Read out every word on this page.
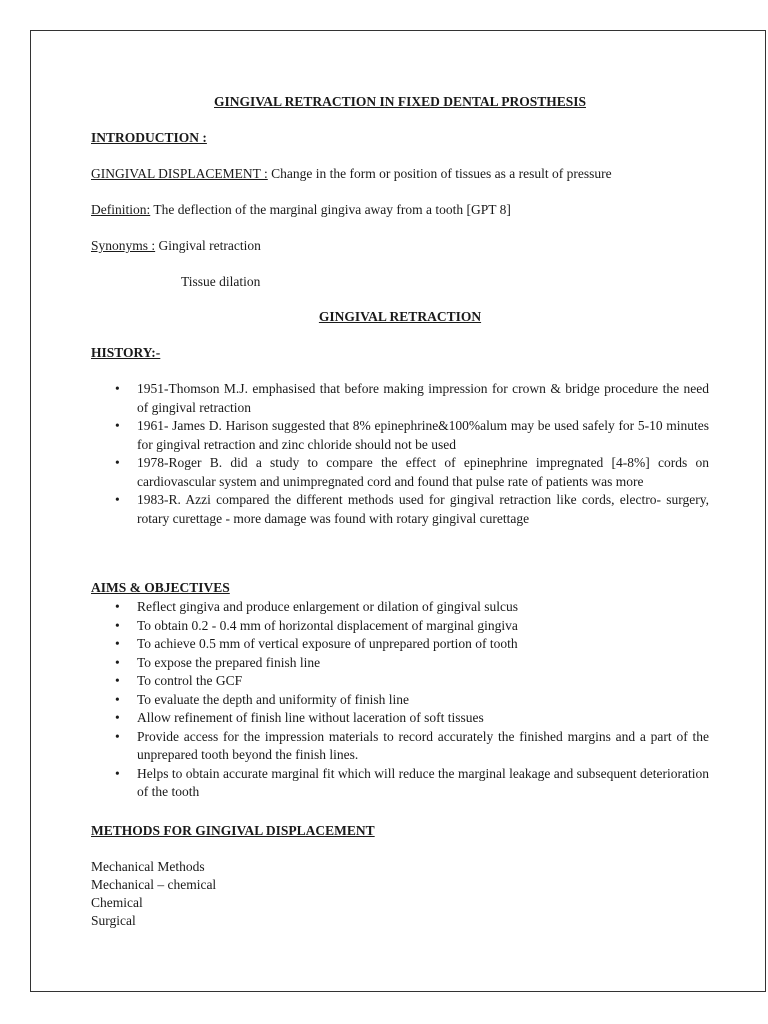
GINGIVAL RETRACTION IN FIXED DENTAL PROSTHESIS
INTRODUCTION :
GINGIVAL DISPLACEMENT : Change in the form or position of tissues as a result of pressure
Definition: The deflection of the marginal gingiva away from a tooth [GPT 8]
Synonyms : Gingival retraction
Tissue dilation
GINGIVAL RETRACTION
HISTORY:-
• 1951-Thomson M.J. emphasised that before making impression for crown & bridge procedure the need of gingival retraction
• 1961- James D. Harison suggested that 8% epinephrine&100%alum may be used safely for 5-10 minutes for gingival retraction and zinc chloride should not be used
• 1978-Roger B. did a study to compare the effect of epinephrine impregnated [4-8%] cords on cardiovascular system and unimpregnated cord and found that pulse rate of patients was more
• 1983-R. Azzi compared the different methods used for gingival retraction like cords, electro- surgery, rotary curettage - more damage was found with rotary gingival curettage
AIMS & OBJECTIVES
• Reflect gingiva and produce enlargement or dilation of gingival sulcus
• To obtain 0.2 - 0.4 mm of horizontal displacement of marginal gingiva
• To achieve 0.5 mm of vertical exposure of unprepared portion of tooth
• To expose the prepared finish line
• To control the GCF
• To evaluate the depth and uniformity of finish line
• Allow refinement of finish line without laceration of soft tissues
• Provide access for the impression materials to record accurately the finished margins and a part of the unprepared tooth beyond the finish lines.
• Helps to obtain accurate marginal fit which will reduce the marginal leakage and subsequent deterioration of the tooth
METHODS FOR GINGIVAL DISPLACEMENT
Mechanical Methods
Mechanical – chemical
Chemical
Surgical
